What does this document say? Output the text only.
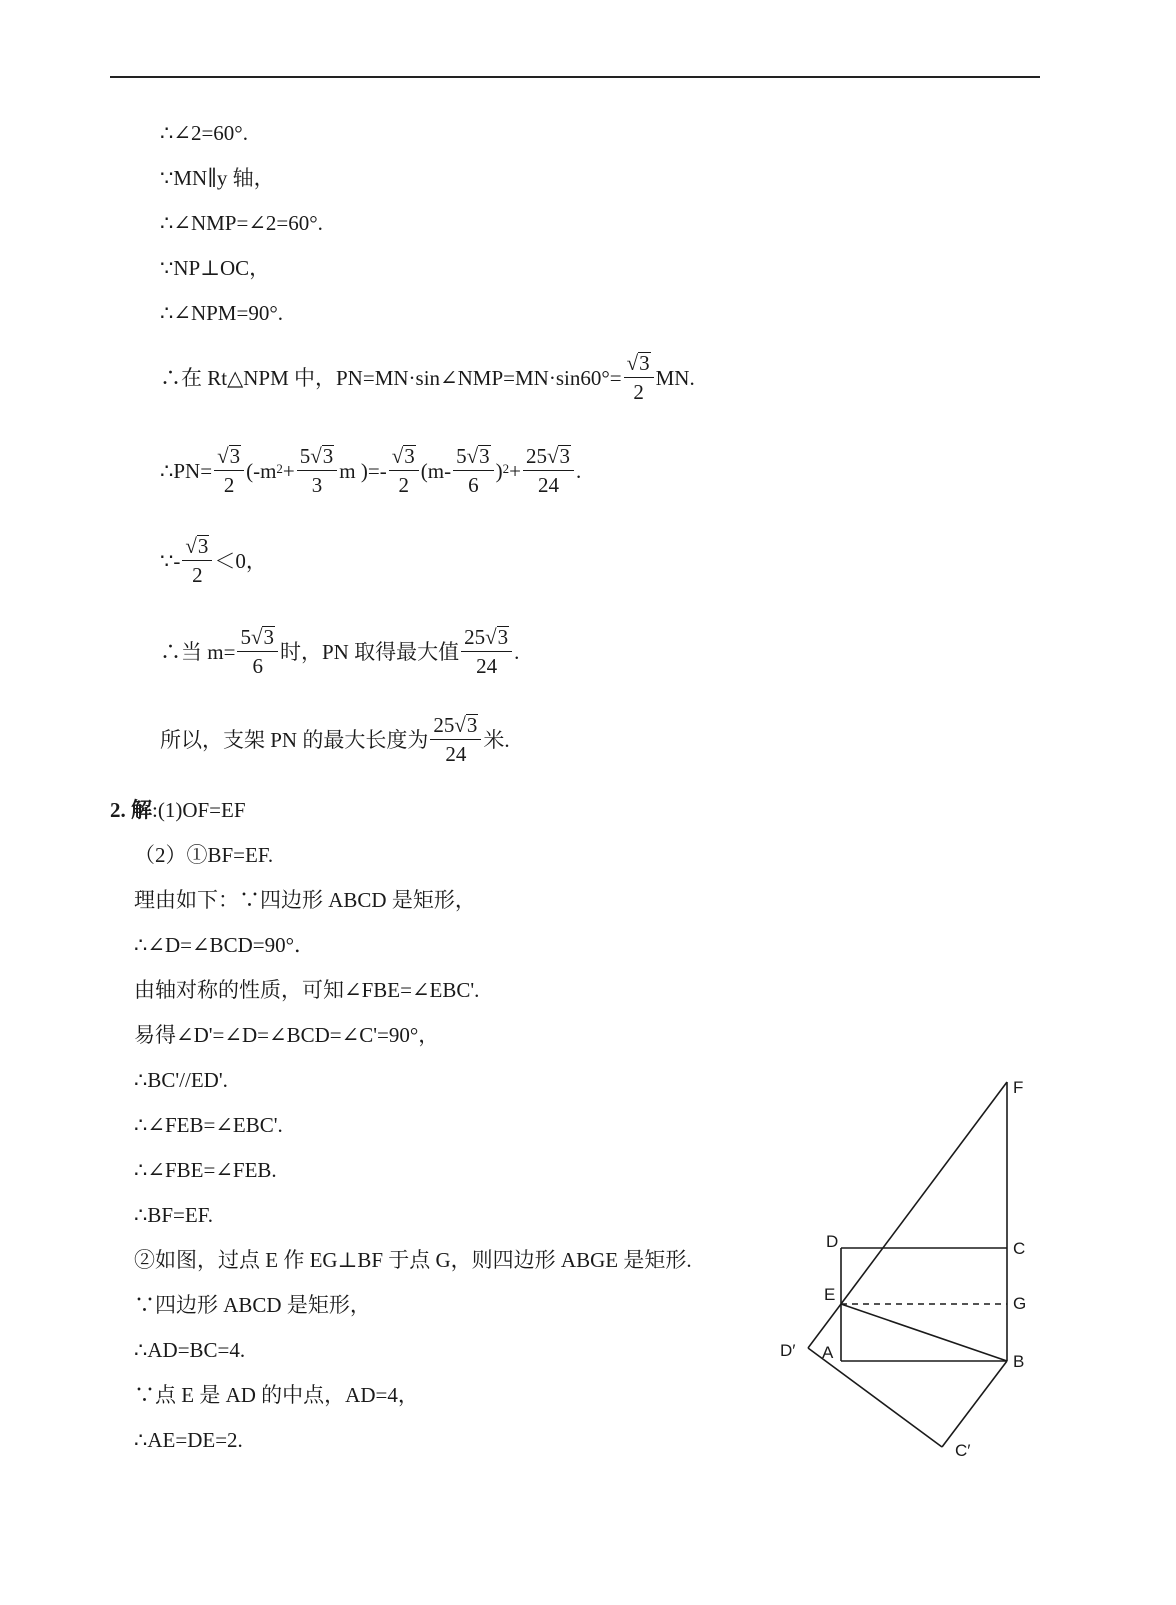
∴∠2=60°.
∵MN∥y 轴，
∴∠NMP=∠2=60°.
∵NP⊥OC，
∴∠NPM=90°.
∴在 Rt△NPM 中，PN=MN·sin∠NMP=MN·sin60°= $\frac{√ 3}{2}$ MN.
∴PN= $\frac{√ 3}{2} (-m^2 + \frac{5 √ 3}{3}$ m )=- $\frac{√ 3}{2} (m- \frac{5 √ 3}{6} )^2 + \frac{25 √ 3}{24}$ .
∵- $\frac{√ 3}{2} <0$，
∴当 $m= \frac{5 √ 3}{6}$ 时，PN 取得最大值 $\frac{25 √ 3}{24}$ .
所以，支架 PN 的最大长度为 $\frac{25 √ 3}{24}$ 米.
2. 解 :(1)OF=EF
（2）①BF=EF.
理由如下：∵四边形 ABCD 是矩形，
∴∠D=∠BCD=90°．
由轴对称的性质，可知∠FBE=∠EBC'.
易得∠D'=∠D=∠BCD=∠C'=90°，
∴BC'//ED'.
∴∠FEB=∠EBC'.
∴∠FBE=∠FEB.
∴BF=EF.
②如图，过点 E 作 EG⊥BF 于点 G，则四边形 ABGE 是矩形.
∵四边形 ABCD 是矩形，
∴AD=BC=4.
∵点 E 是 AD 的中点，AD=4，
∴AE=DE=2.
F
C
D
E	G
D′ A	B
C′
